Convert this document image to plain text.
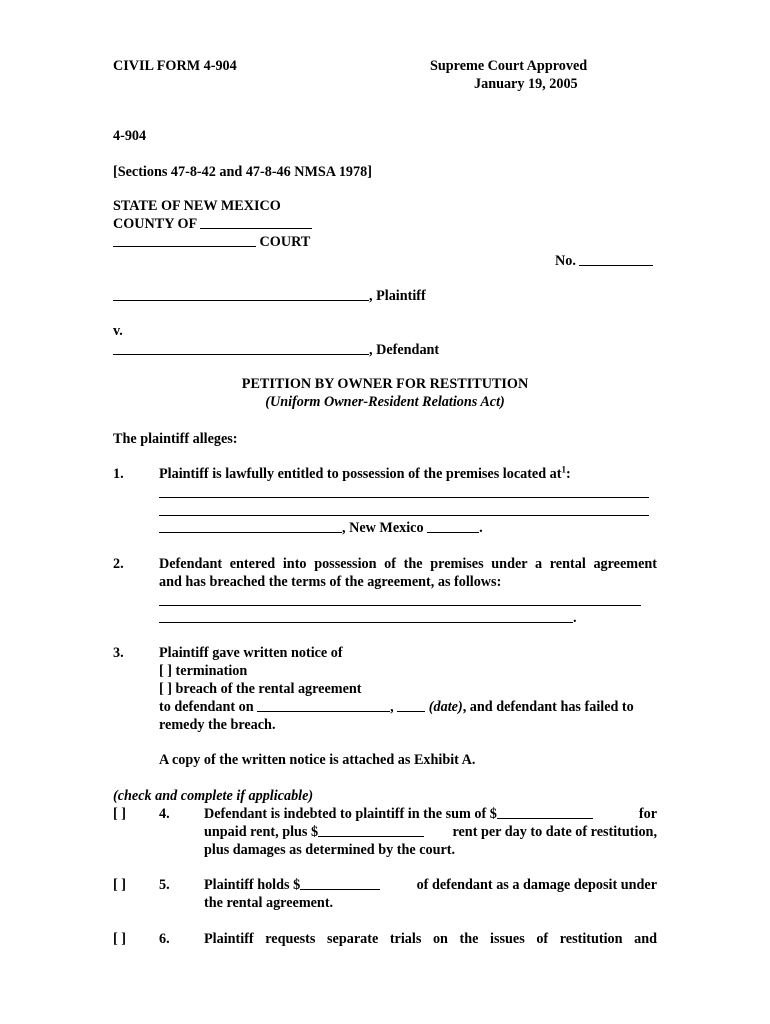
CIVIL FORM 4-904	Supreme Court Approved
January 19, 2005
4-904
[Sections 47-8-42 and 47-8-46 NMSA 1978]
STATE OF NEW MEXICO
COUNTY OF
COURT
No.
, Plaintiff
v.
, Defendant
PETITION BY OWNER FOR RESTITUTION
(Uniform Owner-Resident Relations Act)
The plaintiff alleges:
1. Plaintiff is lawfully entitled to possession of the premises located $at^1$:
, New Mexico	.
2. Defendant entered into possession of the premises under a rental agreement
and has breached the terms of the agreement, as follows:
.
3. Plaintiff gave written notice of
[ ] termination
[ ] breach of the rental agreement
to defendant on	, (date), and defendant has failed to
remedy the breach.
A copy of the written notice is attached as Exhibit A.
(check and complete if applicable)
[ ] 4. Defendant is indebted to plaintiff in the sum of $	for
unpaid rent, plus $	rent per day to date of restitution,
plus damages as determined by the court.
[ ] 5. Plaintiff holds $	of defendant as a damage deposit under
the rental agreement.
[ ] 6. Plaintiff requests separate trials on the issues of restitution and
